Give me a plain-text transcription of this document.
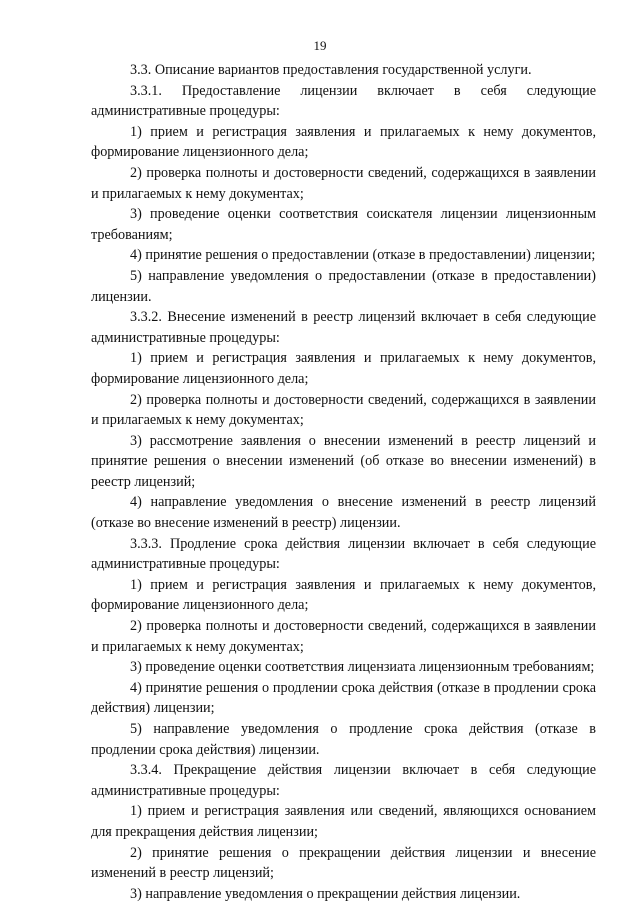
19

3.3. Описание вариантов предоставления государственной услуги.

3.3.1. Предоставление лицензии включает в себя следующие административные процедуры:

1) прием и регистрация заявления и прилагаемых к нему документов, формирование лицензионного дела;

2) проверка полноты и достоверности сведений, содержащихся в заявлении и прилагаемых к нему документах;

3) проведение оценки соответствия соискателя лицензии лицензионным требованиям;

4) принятие решения о предоставлении (отказе в предоставлении) лицензии;

5) направление уведомления о предоставлении (отказе в предоставлении) лицензии.

3.3.2. Внесение изменений в реестр лицензий включает в себя следующие административные процедуры:

1) прием и регистрация заявления и прилагаемых к нему документов, формирование лицензионного дела;

2) проверка полноты и достоверности сведений, содержащихся в заявлении и прилагаемых к нему документах;

3) рассмотрение заявления о внесении изменений в реестр лицензий и принятие решения о внесении изменений (об отказе во внесении изменений) в реестр лицензий;

4) направление уведомления о внесение изменений в реестр лицензий (отказе во внесение изменений в реестр) лицензии.

3.3.3. Продление срока действия лицензии включает в себя следующие административные процедуры:

1) прием и регистрация заявления и прилагаемых к нему документов, формирование лицензионного дела;

2) проверка полноты и достоверности сведений, содержащихся в заявлении и прилагаемых к нему документах;

3) проведение оценки соответствия лицензиата лицензионным требованиям;

4) принятие решения о продлении срока действия (отказе в продлении срока действия) лицензии;

5) направление уведомления о продление срока действия (отказе в продлении срока действия) лицензии.

3.3.4. Прекращение действия лицензии включает в себя следующие административные процедуры:

1) прием и регистрация заявления или сведений, являющихся основанием для прекращения действия лицензии;

2) принятие решения о прекращении действия лицензии и внесение изменений в реестр лицензий;

3) направление уведомления о прекращении действия лицензии.
